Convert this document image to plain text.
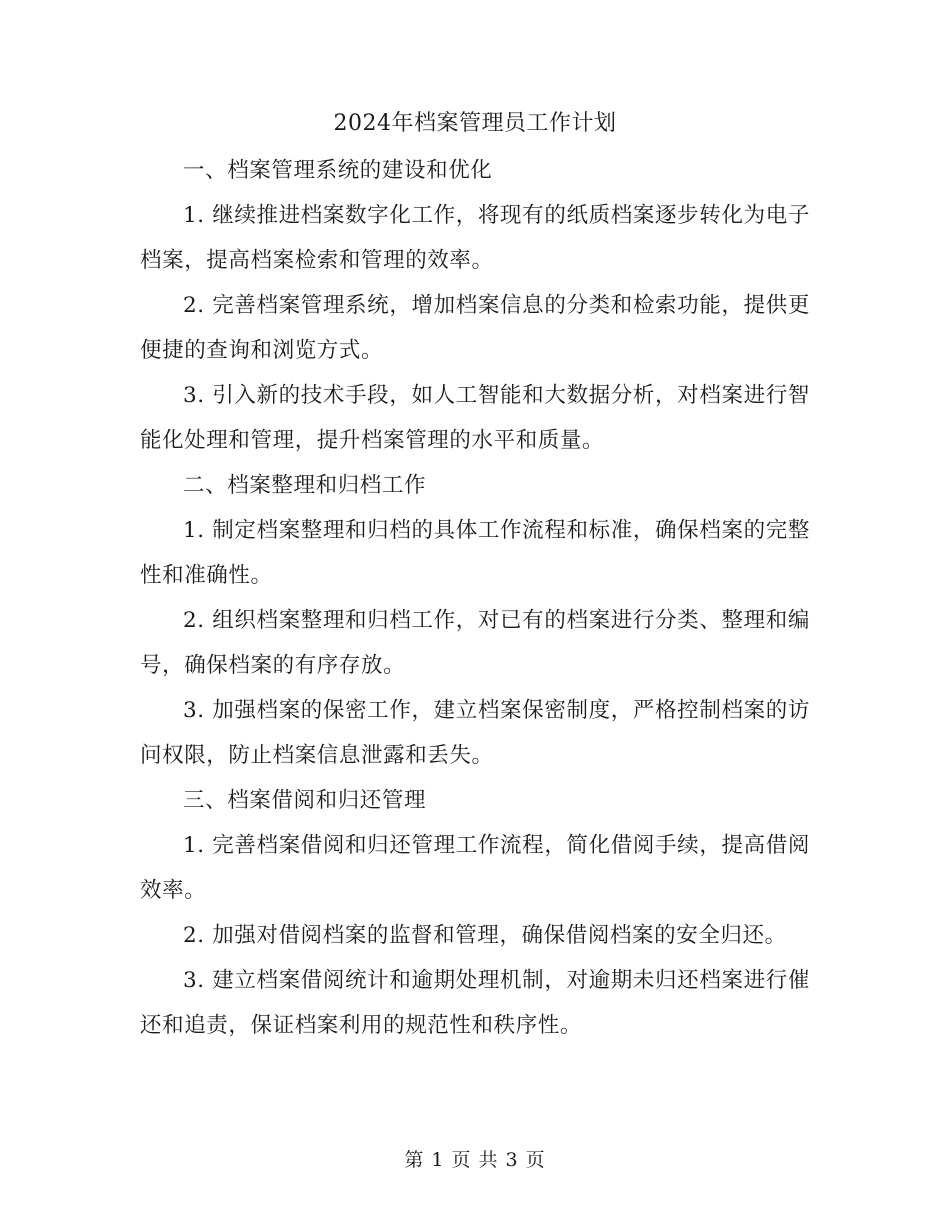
2024年档案管理员工作计划

一、档案管理系统的建设和优化

1. 继续推进档案数字化工作，将现有的纸质档案逐步转化为电子档案，提高档案检索和管理的效率。

2. 完善档案管理系统，增加档案信息的分类和检索功能，提供更便捷的查询和浏览方式。

3. 引入新的技术手段，如人工智能和大数据分析，对档案进行智能化处理和管理，提升档案管理的水平和质量。

二、档案整理和归档工作

1. 制定档案整理和归档的具体工作流程和标准，确保档案的完整性和准确性。

2. 组织档案整理和归档工作，对已有的档案进行分类、整理和编号，确保档案的有序存放。

3. 加强档案的保密工作，建立档案保密制度，严格控制档案的访问权限，防止档案信息泄露和丢失。

三、档案借阅和归还管理

1. 完善档案借阅和归还管理工作流程，简化借阅手续，提高借阅效率。

2. 加强对借阅档案的监督和管理，确保借阅档案的安全归还。

3. 建立档案借阅统计和逾期处理机制，对逾期未归还档案进行催还和追责，保证档案利用的规范性和秩序性。

第 1 页 共 3 页
